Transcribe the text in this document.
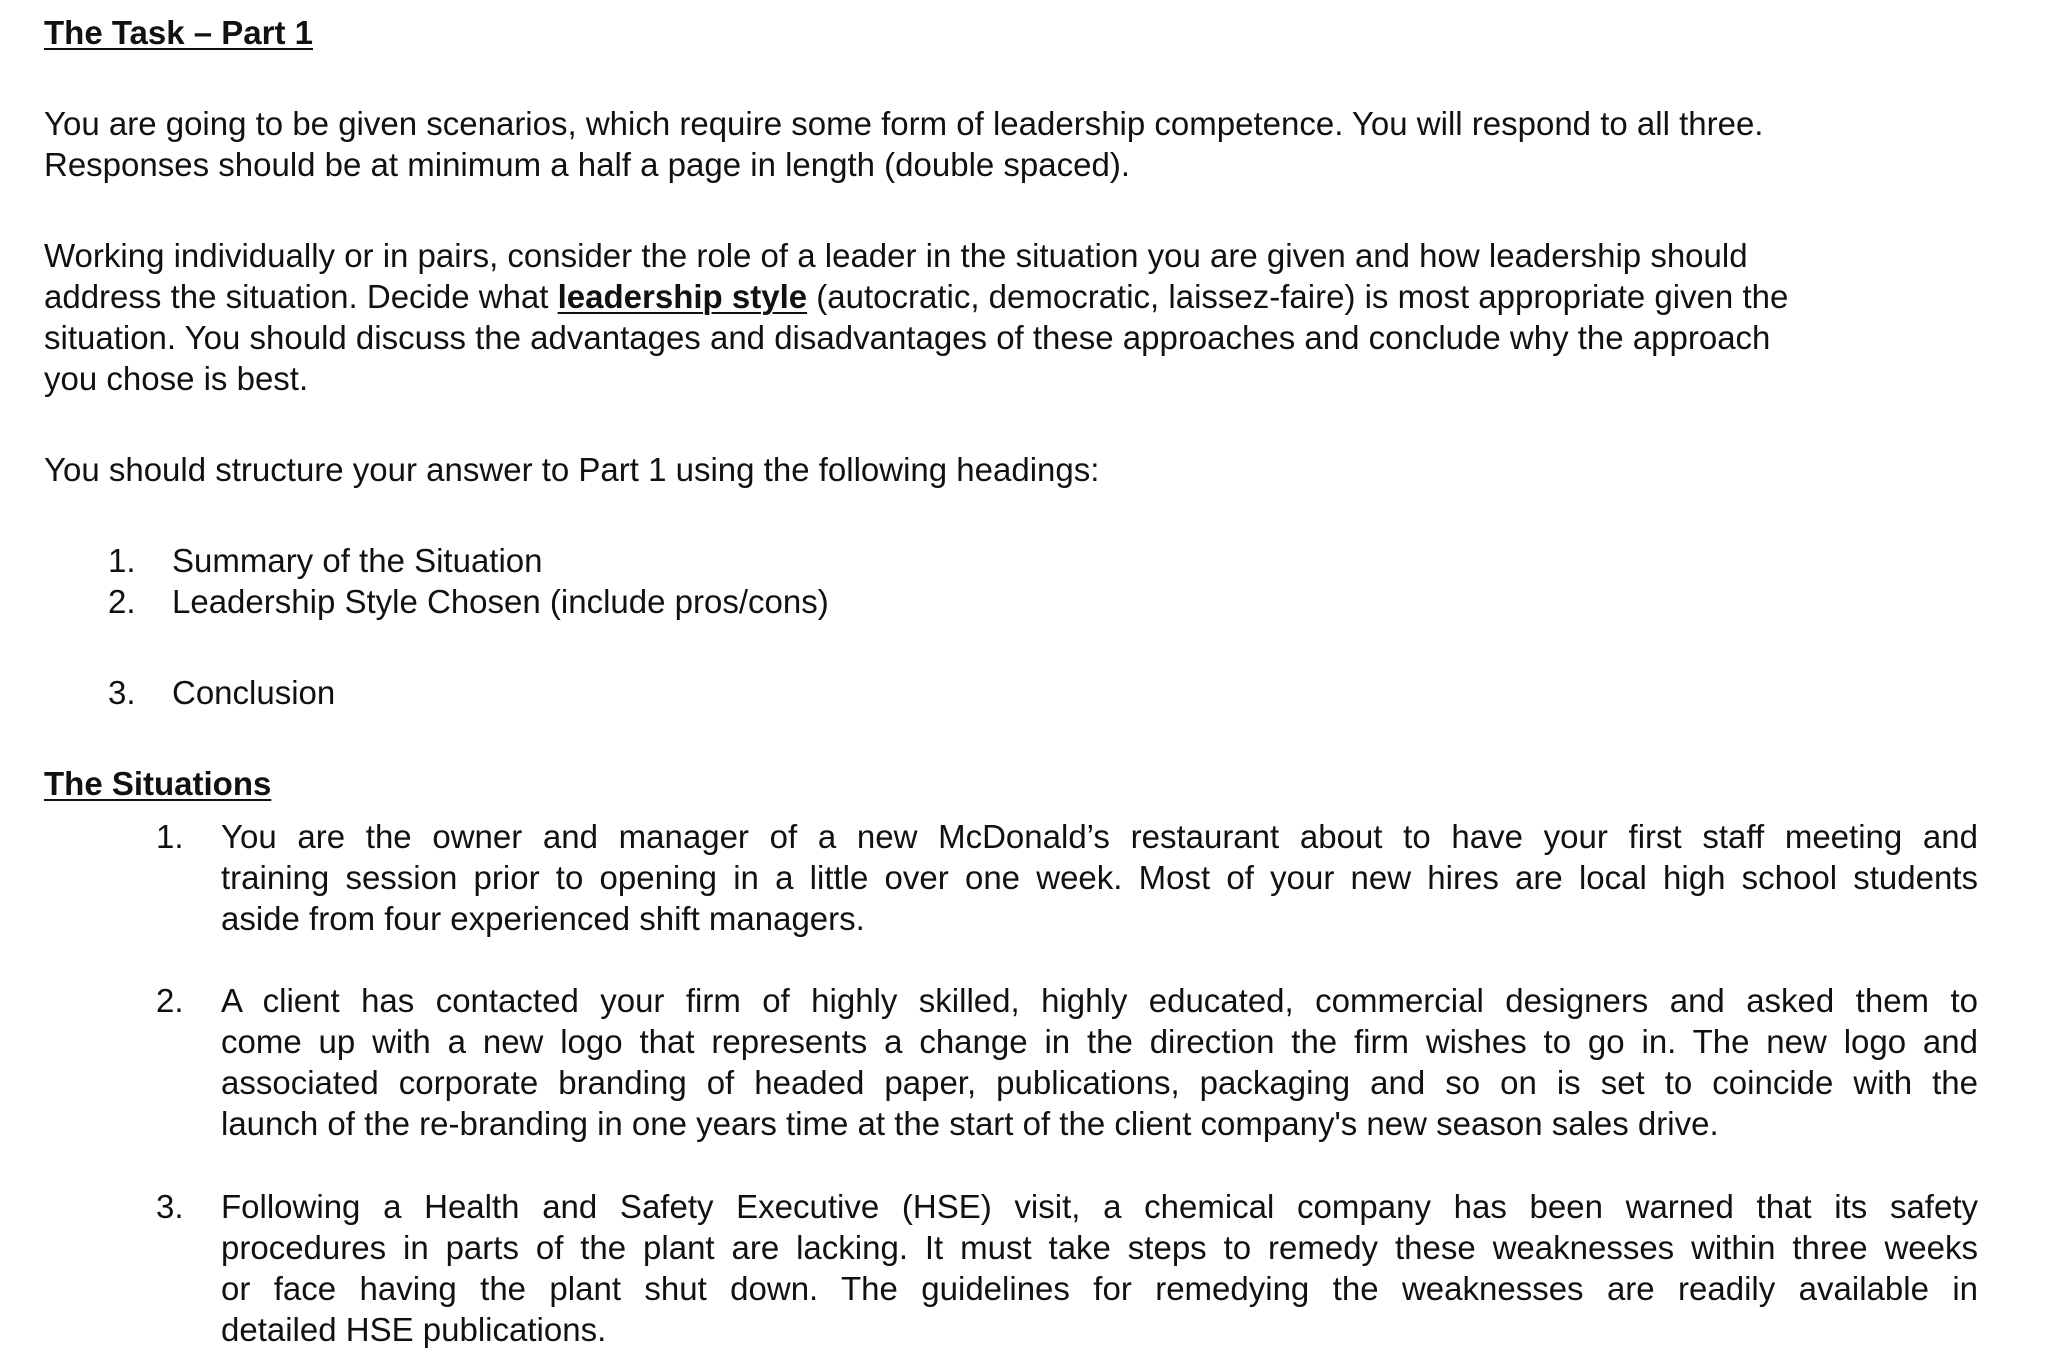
The Task – Part 1

You are going to be given scenarios, which require some form of leadership competence. You will respond to all three.
Responses should be at minimum a half a page in length (double spaced).

Working individually or in pairs, consider the role of a leader in the situation you are given and how leadership should
address the situation. Decide what leadership style (autocratic, democratic, laissez-faire) is most appropriate given the
situation. You should discuss the advantages and disadvantages of these approaches and conclude why the approach
you chose is best.

You should structure your answer to Part 1 using the following headings:

1.	Summary of the Situation
2.	Leadership Style Chosen (include pros/cons)
3.	Conclusion
The Situations
1.	You are the owner and manager of a new McDonald’s restaurant about to have your first staff meeting and
training session prior to opening in a little over one week. Most of your new hires are local high school students
aside from four experienced shift managers.
2.	A client has contacted your firm of highly skilled, highly educated, commercial designers and asked them to
come up with a new logo that represents a change in the direction the firm wishes to go in. The new logo and
associated corporate branding of headed paper, publications, packaging and so on is set to coincide with the
launch of the re-branding in one years time at the start of the client company's new season sales drive.
3.	Following a Health and Safety Executive (HSE) visit, a chemical company has been warned that its safety
procedures in parts of the plant are lacking. It must take steps to remedy these weaknesses within three weeks
or face having the plant shut down. The guidelines for remedying the weaknesses are readily available in
detailed HSE publications.
